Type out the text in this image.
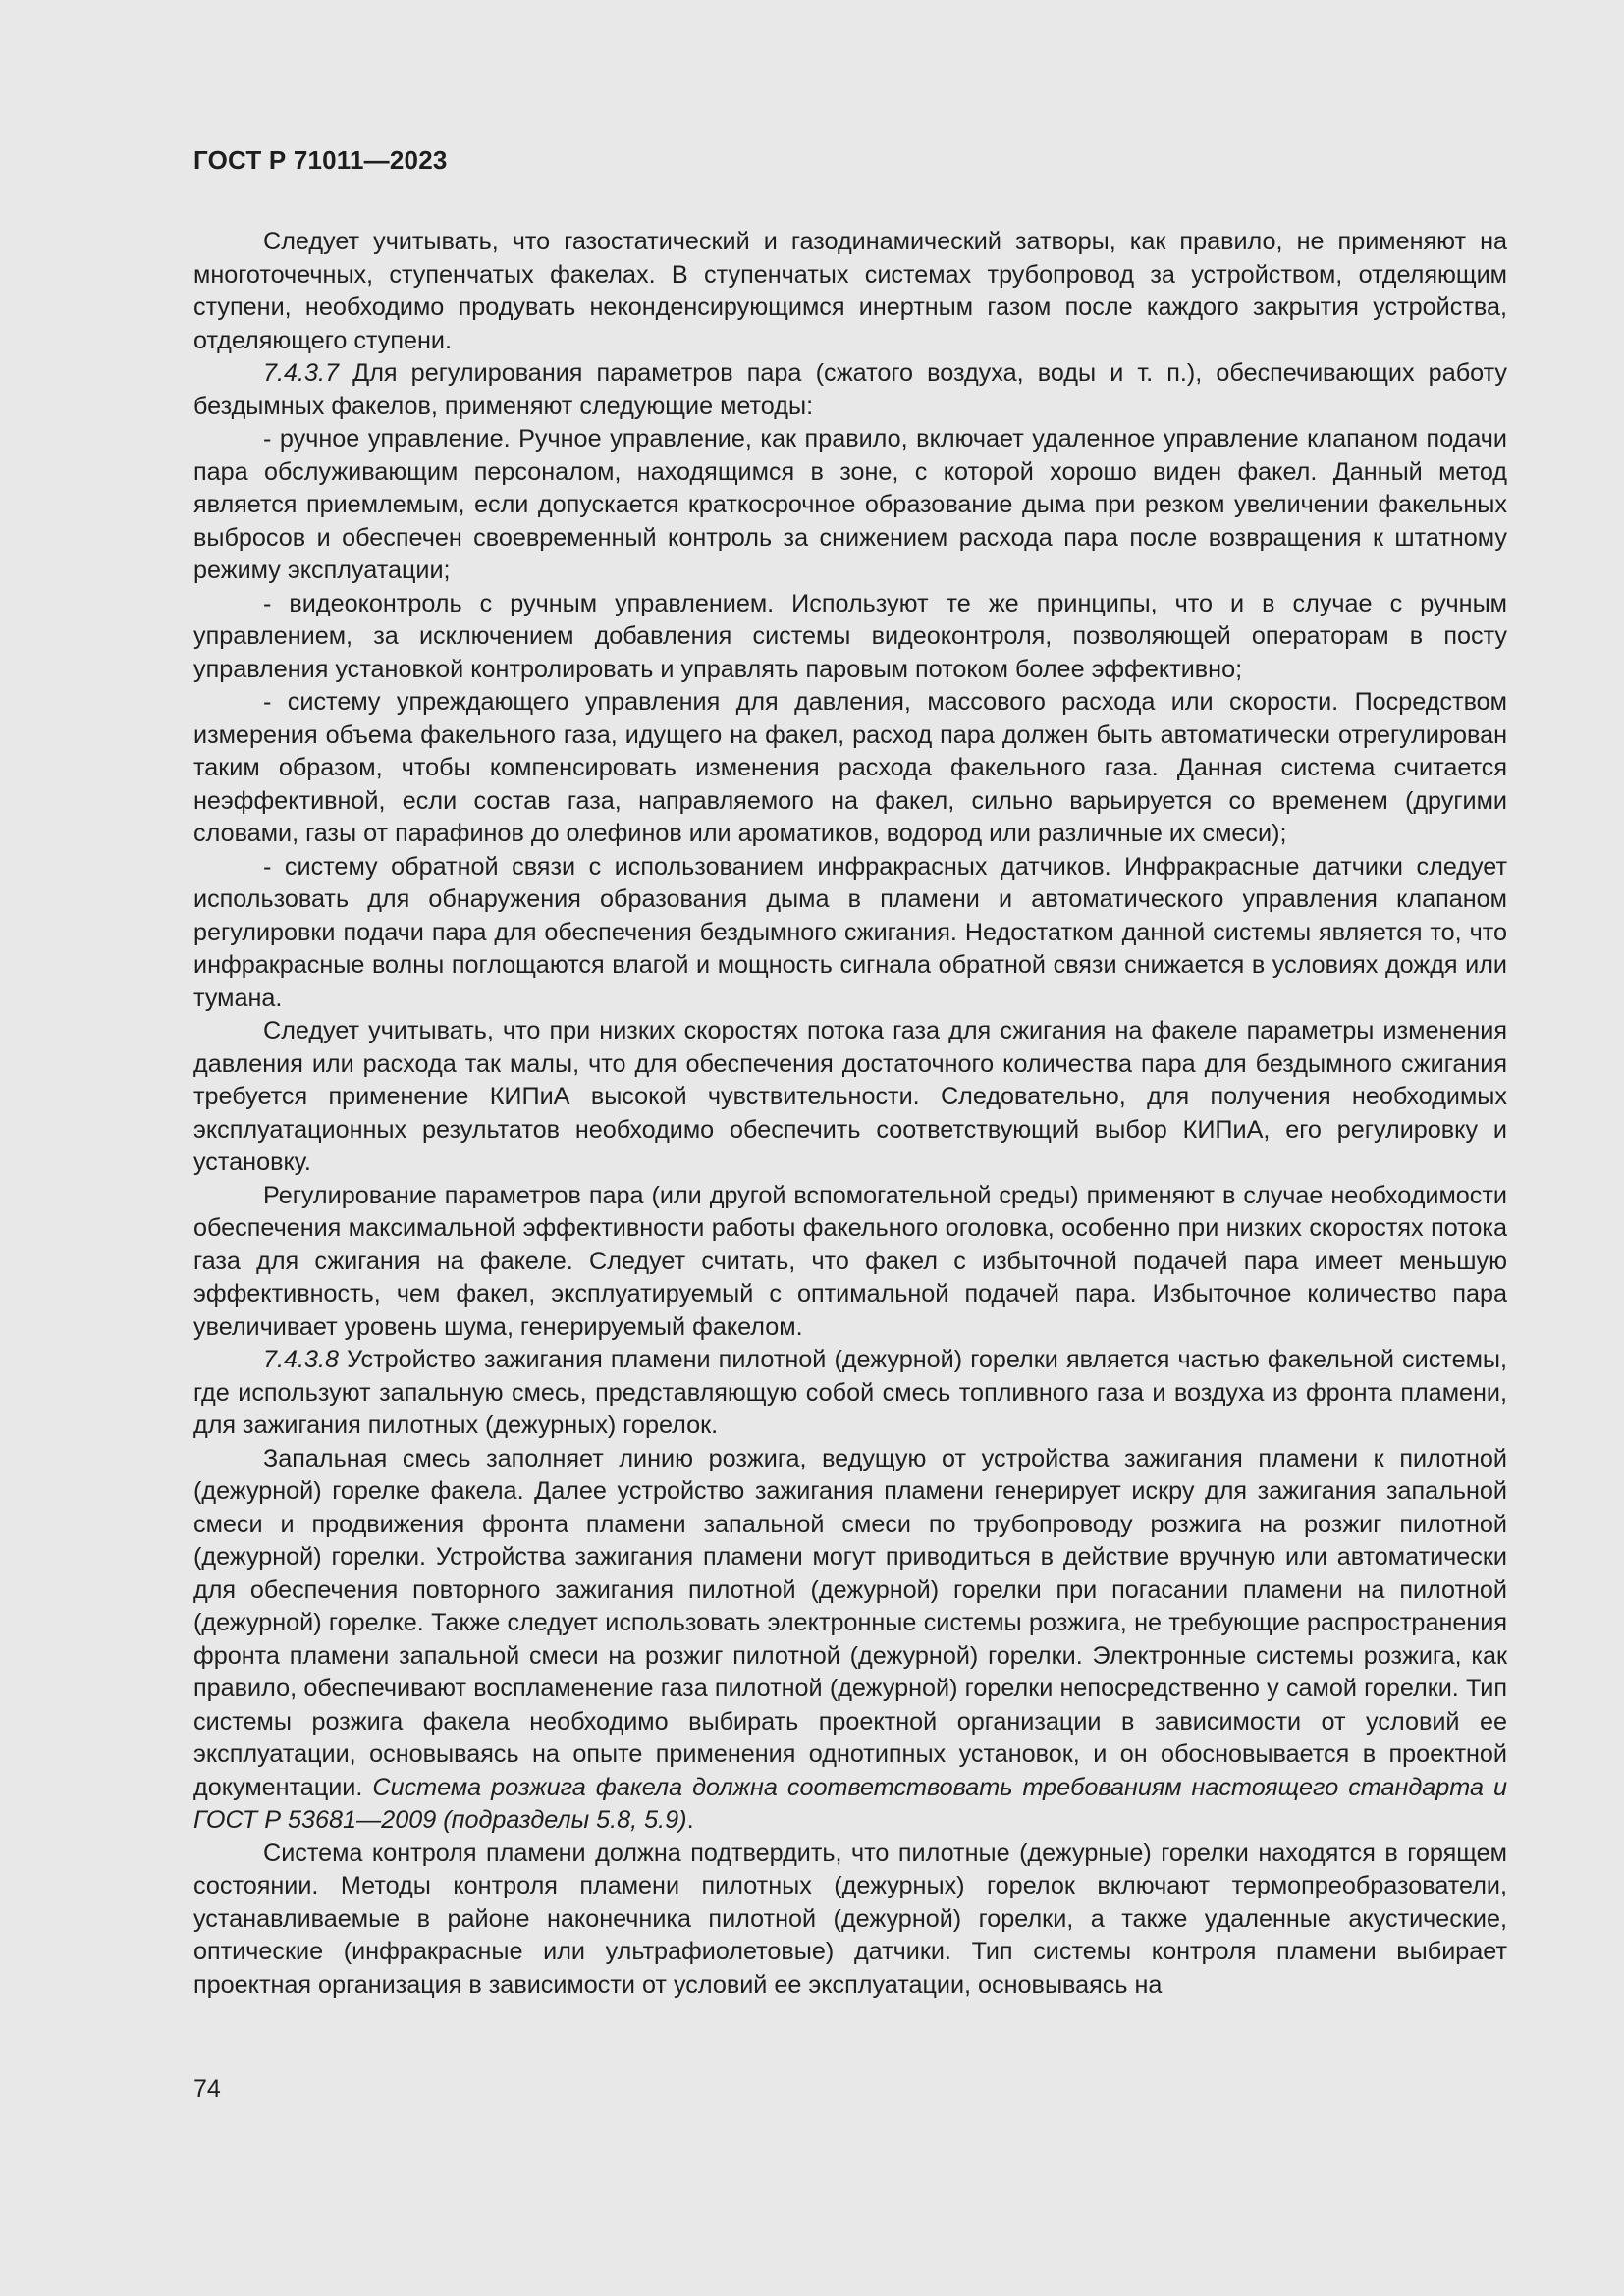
ГОСТ Р 71011—2023

Следует учитывать, что газостатический и газодинамический затворы, как правило, не применяют на многоточечных, ступенчатых факелах. В ступенчатых системах трубопровод за устройством, отделяющим ступени, необходимо продувать неконденсирующимся инертным газом после каждого закрытия устройства, отделяющего ступени.

7.4.3.7 Для регулирования параметров пара (сжатого воздуха, воды и т. п.), обеспечивающих работу бездымных факелов, применяют следующие методы:

- ручное управление. Ручное управление, как правило, включает удаленное управление клапаном подачи пара обслуживающим персоналом, находящимся в зоне, с которой хорошо виден факел. Данный метод является приемлемым, если допускается краткосрочное образование дыма при резком увеличении факельных выбросов и обеспечен своевременный контроль за снижением расхода пара после возвращения к штатному режиму эксплуатации;

- видеоконтроль с ручным управлением. Используют те же принципы, что и в случае с ручным управлением, за исключением добавления системы видеоконтроля, позволяющей операторам в посту управления установкой контролировать и управлять паровым потоком более эффективно;

- систему упреждающего управления для давления, массового расхода или скорости. Посредством измерения объема факельного газа, идущего на факел, расход пара должен быть автоматически отрегулирован таким образом, чтобы компенсировать изменения расхода факельного газа. Данная система считается неэффективной, если состав газа, направляемого на факел, сильно варьируется со временем (другими словами, газы от парафинов до олефинов или ароматиков, водород или различные их смеси);

- систему обратной связи с использованием инфракрасных датчиков. Инфракрасные датчики следует использовать для обнаружения образования дыма в пламени и автоматического управления клапаном регулировки подачи пара для обеспечения бездымного сжигания. Недостатком данной системы является то, что инфракрасные волны поглощаются влагой и мощность сигнала обратной связи снижается в условиях дождя или тумана.

Следует учитывать, что при низких скоростях потока газа для сжигания на факеле параметры изменения давления или расхода так малы, что для обеспечения достаточного количества пара для бездымного сжигания требуется применение КИПиА высокой чувствительности. Следовательно, для получения необходимых эксплуатационных результатов необходимо обеспечить соответствующий выбор КИПиА, его регулировку и установку.

Регулирование параметров пара (или другой вспомогательной среды) применяют в случае необходимости обеспечения максимальной эффективности работы факельного оголовка, особенно при низких скоростях потока газа для сжигания на факеле. Следует считать, что факел с избыточной подачей пара имеет меньшую эффективность, чем факел, эксплуатируемый с оптимальной подачей пара. Избыточное количество пара увеличивает уровень шума, генерируемый факелом.

7.4.3.8 Устройство зажигания пламени пилотной (дежурной) горелки является частью факельной системы, где используют запальную смесь, представляющую собой смесь топливного газа и воздуха из фронта пламени, для зажигания пилотных (дежурных) горелок.

Запальная смесь заполняет линию розжига, ведущую от устройства зажигания пламени к пилотной (дежурной) горелке факела. Далее устройство зажигания пламени генерирует искру для зажигания запальной смеси и продвижения фронта пламени запальной смеси по трубопроводу розжига на розжиг пилотной (дежурной) горелки. Устройства зажигания пламени могут приводиться в действие вручную или автоматически для обеспечения повторного зажигания пилотной (дежурной) горелки при погасании пламени на пилотной (дежурной) горелке. Также следует использовать электронные системы розжига, не требующие распространения фронта пламени запальной смеси на розжиг пилотной (дежурной) горелки. Электронные системы розжига, как правило, обеспечивают воспламенение газа пилотной (дежурной) горелки непосредственно у самой горелки. Тип системы розжига факела необходимо выбирать проектной организации в зависимости от условий ее эксплуатации, основываясь на опыте применения однотипных установок, и он обосновывается в проектной документации. Система розжига факела должна соответствовать требованиям настоящего стандарта и ГОСТ Р 53681—2009 (подразделы 5.8, 5.9).

Система контроля пламени должна подтвердить, что пилотные (дежурные) горелки находятся в горящем состоянии. Методы контроля пламени пилотных (дежурных) горелок включают термопреобразователи, устанавливаемые в районе наконечника пилотной (дежурной) горелки, а также удаленные акустические, оптические (инфракрасные или ультрафиолетовые) датчики. Тип системы контроля пламени выбирает проектная организация в зависимости от условий ее эксплуатации, основываясь на

74
